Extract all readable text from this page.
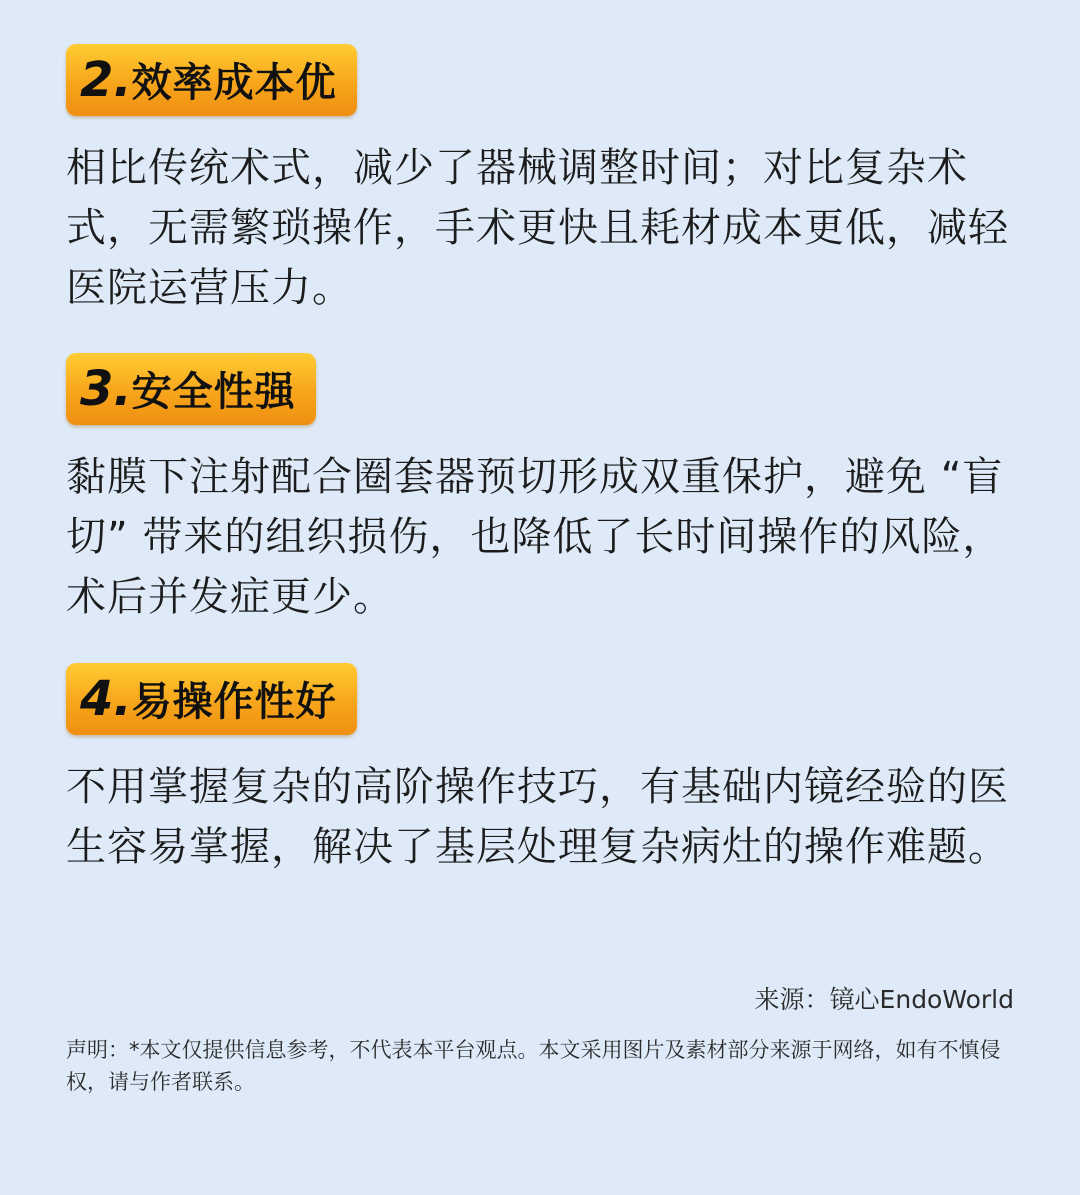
2. 效率成本优

相比传统术式，减少了器械调整时间；对比复杂术式，无需繁琐操作，手术更快且耗材成本更低，减轻医院运营压力。

3. 安全性强

黏膜下注射配合圈套器预切形成双重保护，避免 “盲切” 带来的组织损伤，也降低了长时间操作的风险，术后并发症更少。

4. 易操作性好

不用掌握复杂的高阶操作技巧，有基础内镜经验的医生容易掌握，解决了基层处理复杂病灶的操作难题。

来源：镜心EndoWorld
声明：*本文仅提供信息参考，不代表本平台观点。本文采用图片及素材部分来源于网络，如有不慎侵权，请与作者联系。
